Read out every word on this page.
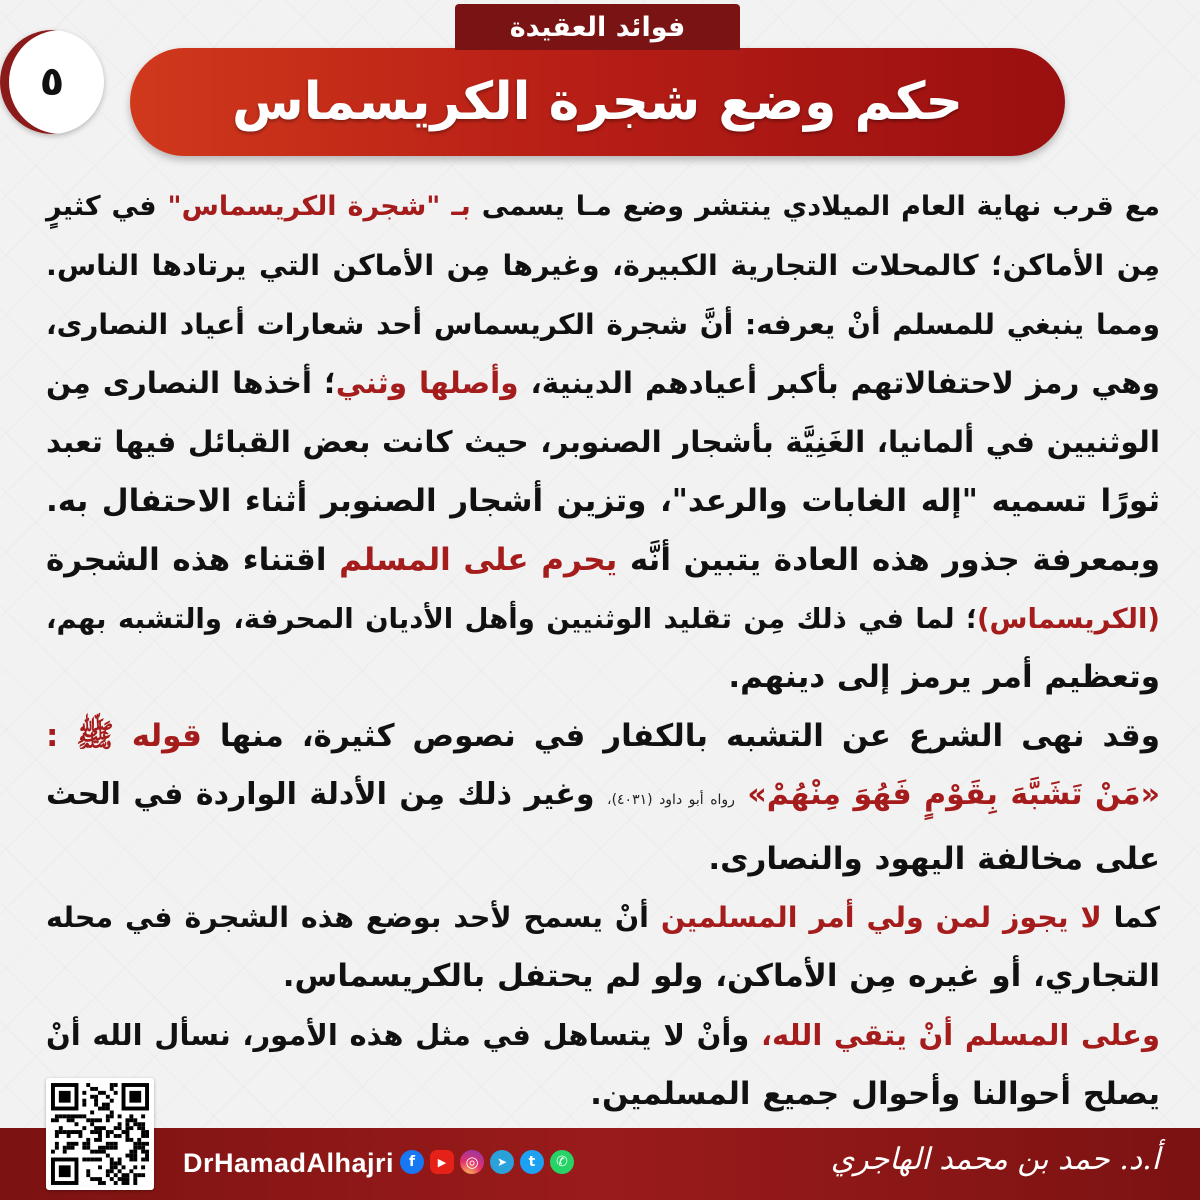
فوائد العقيدة
حكم وضع شجرة الكريسماس
٥
مع قرب نهاية العام الميلادي ينتشر وضع مـا يسمى بـ "شجرة الكريسماس" في كثيرٍ
مِن الأماكن؛ كالمحلات التجارية الكبيرة، وغيرها مِن الأماكن التي يرتادها الناس.
ومما ينبغي للمسلم أنْ يعرفه: أنَّ شجرة الكريسماس أحد شعارات أعياد النصارى،
وهي رمز لاحتفالاتهم بأكبر أعيادهم الدينية، وأصلها وثني؛ أخذها النصارى مِن
الوثنيين في ألمانيا، الغَنِيَّة بأشجار الصنوبر، حيث كانت بعض القبائل فيها تعبد
ثورًا تسميه "إله الغابات والرعد"، وتزين أشجار الصنوبر أثناء الاحتفال به.
وبمعرفة جذور هذه العادة يتبين أنَّه يحرم على المسلم اقتناء هذه الشجرة
(الكريسماس)؛ لما في ذلك مِن تقليد الوثنيين وأهل الأديان المحرفة، والتشبه بهم،
وتعظيم أمر يرمز إلى دينهم.
وقد نهى الشرع عن التشبه بالكفار في نصوص كثيرة، منها قوله ﷺ :
«مَنْ تَشَبَّهَ بِقَوْمٍ فَهُوَ مِنْهُمْ» رواه أبو داود (٤٠٣١)، وغير ذلك مِن الأدلة الواردة في الحث
على مخالفة اليهود والنصارى.
كما لا يجوز لمن ولي أمر المسلمين أنْ يسمح لأحد بوضع هذه الشجرة في محله
التجاري، أو غيره مِن الأماكن، ولو لم يحتفل بالكريسماس.
وعلى المسلم أنْ يتقي الله، وأنْ لا يتساهل في مثل هذه الأمور، نسأل الله أنْ
يصلح أحوالنا وأحوال جميع المسلمين.
DrHamadAlhajri	f	▶	◎	➤	t	✆	أ.د. حمد بن محمد الهاجري
